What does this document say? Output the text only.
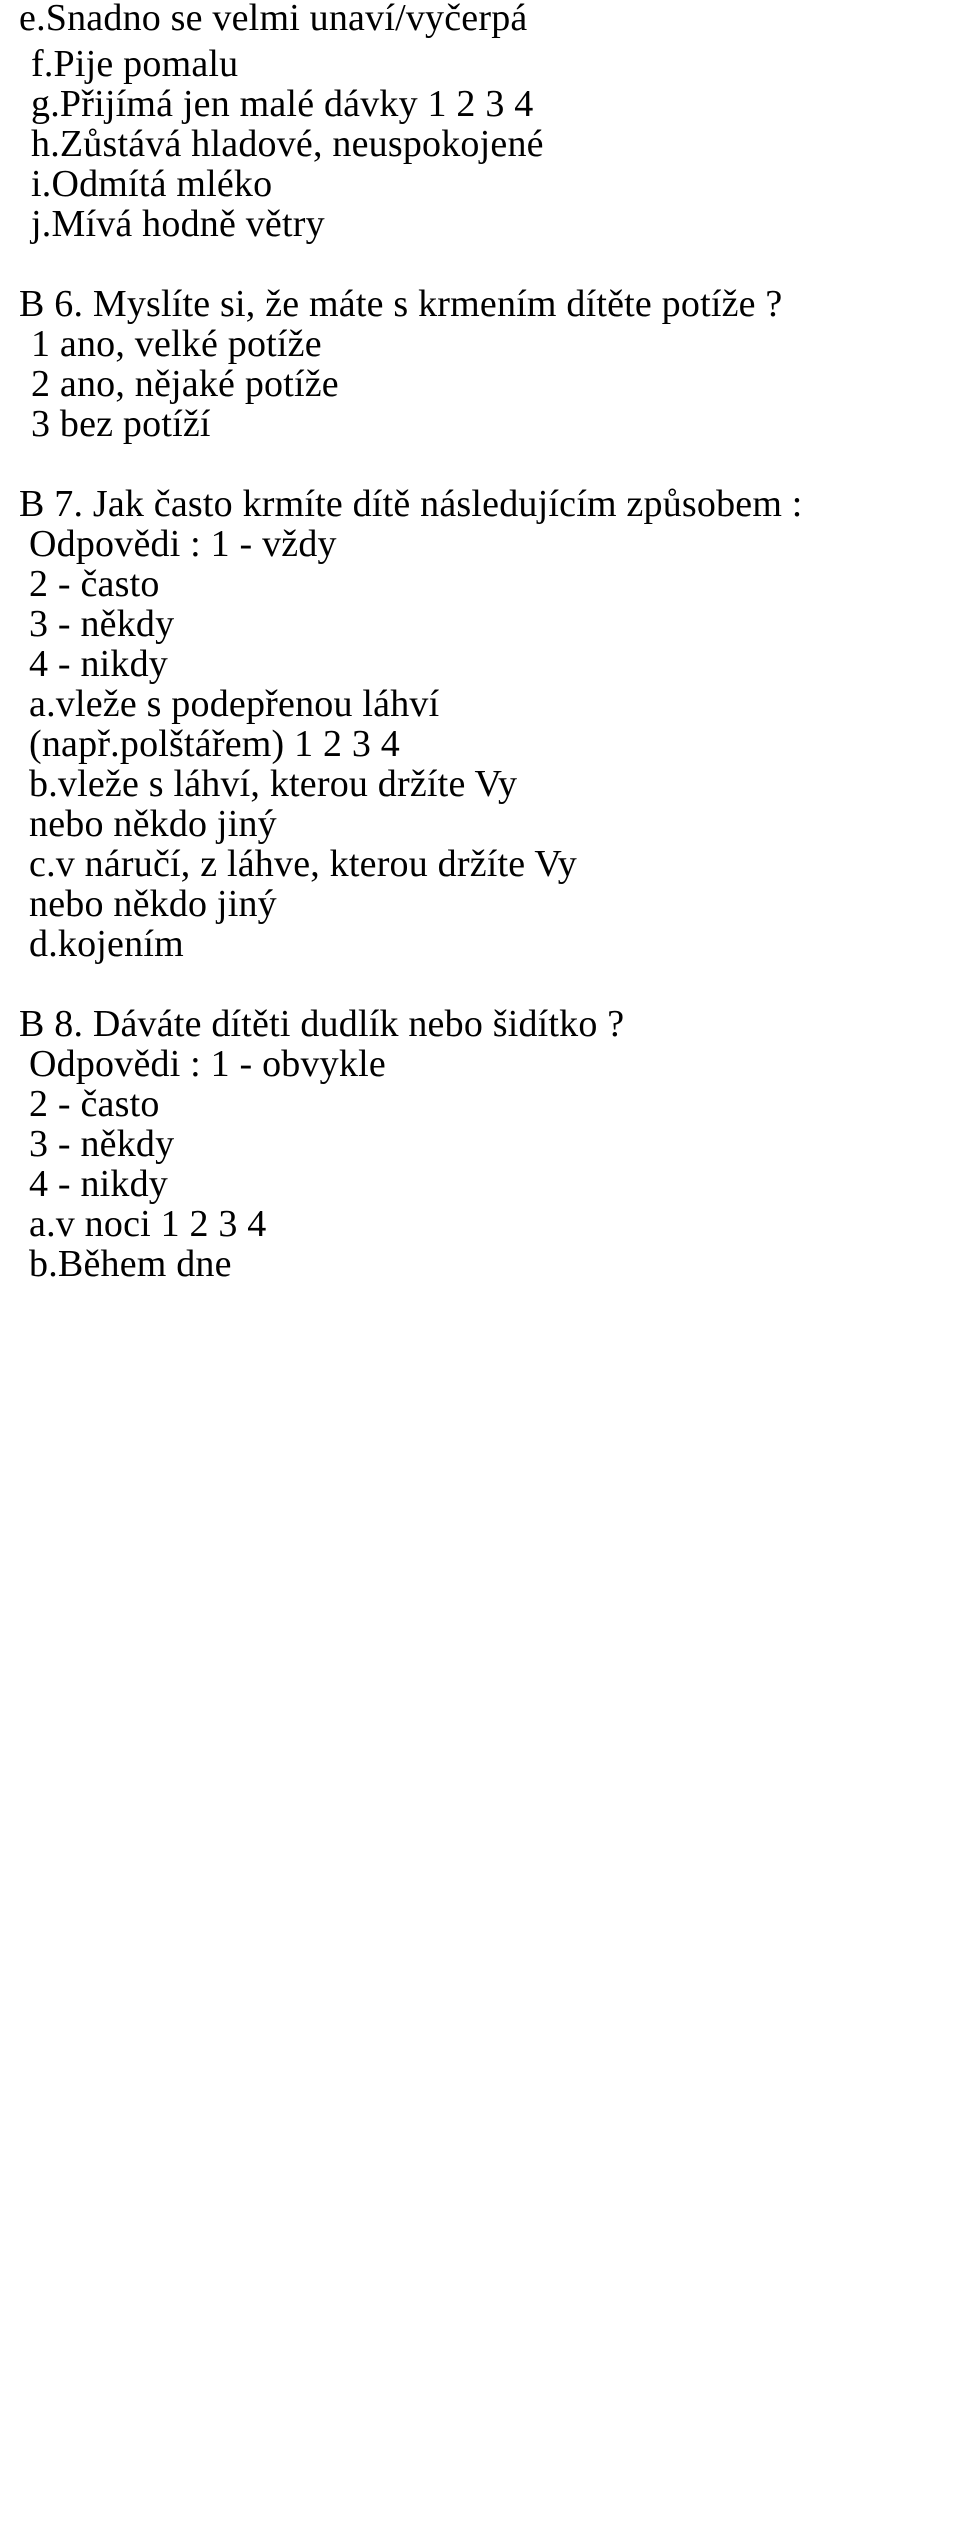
e.Snadno se velmi unaví/vyčerpá
f.Pije pomalu
g.Přijímá jen malé dávky 1 2 3 4
h.Zůstává hladové, neuspokojené
i.Odmítá mléko
j.Mívá hodně větry
B 6. Myslíte si, že máte s krmením dítěte potíže ?
1 ano, velké potíže
2 ano, nějaké potíže
3 bez potíží
B 7. Jak často krmíte dítě následujícím způsobem :
Odpovědi : 1 - vždy
2 - často
3 - někdy
4 - nikdy
a.vleže s podepřenou láhví
(např.polštářem) 1 2 3 4
b.vleže s láhví, kterou držíte Vy
nebo někdo jiný
c.v náručí, z láhve, kterou držíte Vy
nebo někdo jiný
d.kojením
B 8. Dáváte dítěti dudlík nebo šidítko ?
Odpovědi : 1 - obvykle
2 - často
3 - někdy
4 - nikdy
a.v noci 1 2 3 4
b.Během dne
